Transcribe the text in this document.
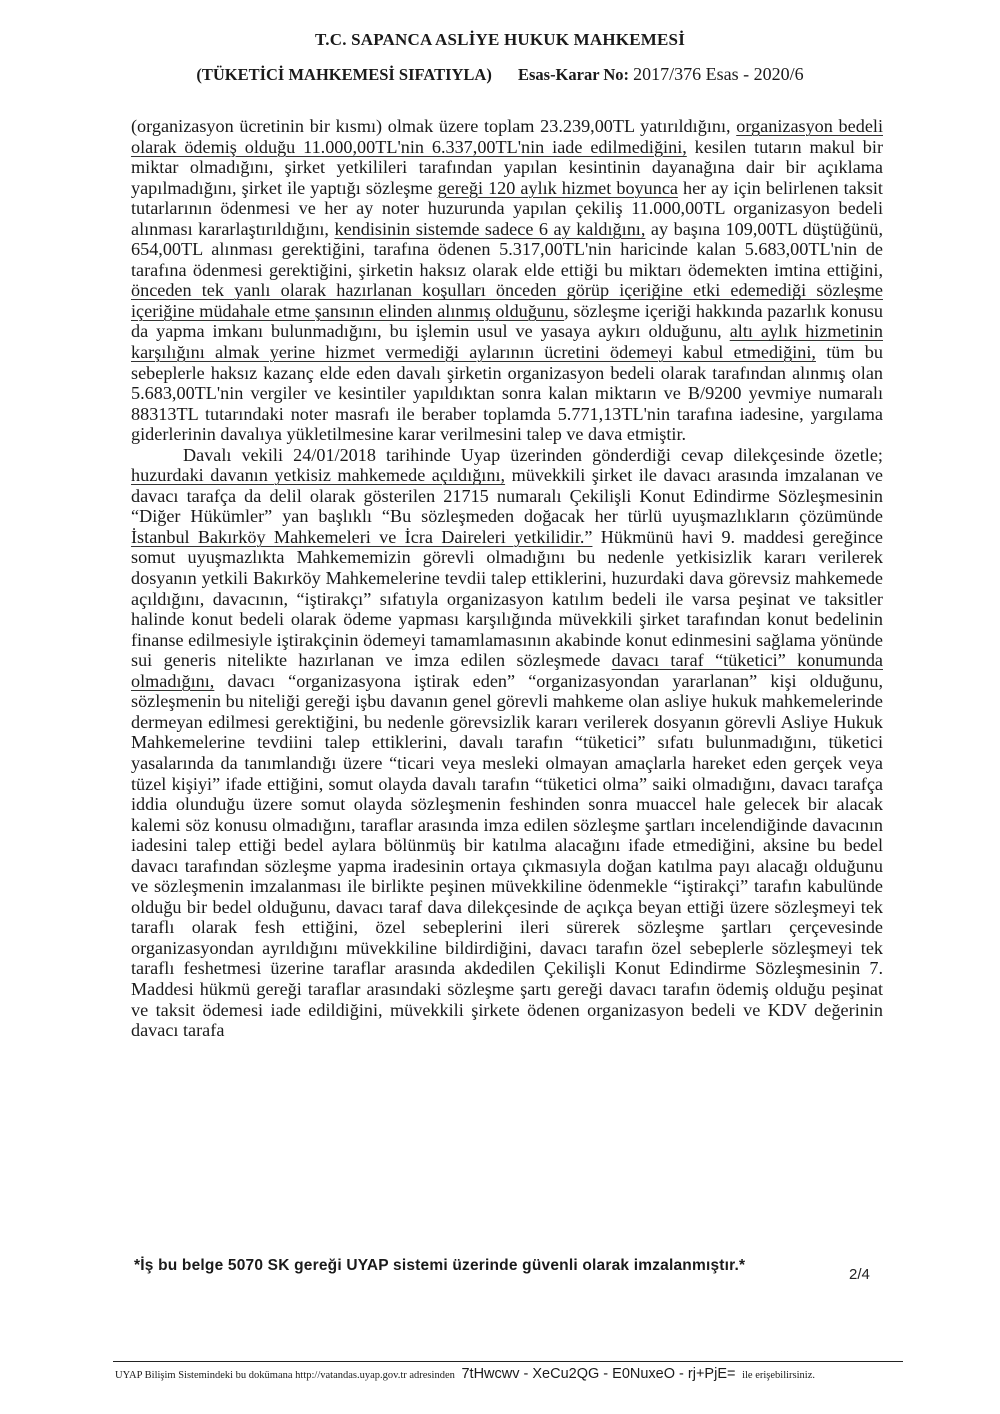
T.C. SAPANCA ASLİYE HUKUK MAHKEMESİ
(TÜKETİCİ MAHKEMESİ SIFATIYLA) Esas-Karar No: 2017/376 Esas - 2020/6

(organizasyon ücretinin bir kısmı) olmak üzere toplam 23.239,00TL yatırıldığını, organizasyon bedeli olarak ödemiş olduğu 11.000,00TL'nin 6.337,00TL'nin iade edilmediğini, kesilen tutarın makul bir miktar olmadığını, şirket yetkilileri tarafından yapılan kesintinin dayanağına dair bir açıklama yapılmadığını, şirket ile yaptığı sözleşme gereği 120 aylık hizmet boyunca her ay için belirlenen taksit tutarlarının ödenmesi ve her ay noter huzurunda yapılan çekiliş 11.000,00TL organizasyon bedeli alınması kararlaştırıldığını, kendisinin sistemde sadece 6 ay kaldığını, ay başına 109,00TL düştüğünü, 654,00TL alınması gerektiğini, tarafına ödenen 5.317,00TL'nin haricinde kalan 5.683,00TL'nin de tarafına ödenmesi gerektiğini, şirketin haksız olarak elde ettiği bu miktarı ödemekten imtina ettiğini, önceden tek yanlı olarak hazırlanan koşulları önceden görüp içeriğine etki edemediği sözleşme içeriğine müdahale etme şansının elinden alınmış olduğunu, sözleşme içeriği hakkında pazarlık konusu da yapma imkanı bulunmadığını, bu işlemin usul ve yasaya aykırı olduğunu, altı aylık hizmetinin karşılığını almak yerine hizmet vermediği aylarının ücretini ödemeyi kabul etmediğini, tüm bu sebeplerle haksız kazanç elde eden davalı şirketin organizasyon bedeli olarak tarafından alınmış olan 5.683,00TL'nin vergiler ve kesintiler yapıldıktan sonra kalan miktarın ve B/9200 yevmiye numaralı 88313TL tutarındaki noter masrafı ile beraber toplamda 5.771,13TL'nin tarafına iadesine, yargılama giderlerinin davalıya yükletilmesine karar verilmesini talep ve dava etmiştir.

Davalı vekili 24/01/2018 tarihinde Uyap üzerinden gönderdiği cevap dilekçesinde özetle; huzurdaki davanın yetkisiz mahkemede açıldığını, müvekkili şirket ile davacı arasında imzalanan ve davacı tarafça da delil olarak gösterilen 21715 numaralı Çekilişli Konut Edindirme Sözleşmesinin “Diğer Hükümler” yan başlıklı “Bu sözleşmeden doğacak her türlü uyuşmazlıkların çözümünde İstanbul Bakırköy Mahkemeleri ve İcra Daireleri yetkilidir.” Hükmünü havi 9. maddesi gereğince somut uyuşmazlıkta Mahkememizin görevli olmadığını bu nedenle yetkisizlik kararı verilerek dosyanın yetkili Bakırköy Mahkemelerine tevdii talep ettiklerini, huzurdaki dava görevsiz mahkemede açıldığını, davacının, “iştirakçı” sıfatıyla organizasyon katılım bedeli ile varsa peşinat ve taksitler halinde konut bedeli olarak ödeme yapması karşılığında müvekkili şirket tarafından konut bedelinin finanse edilmesiyle iştirakçinin ödemeyi tamamlamasının akabinde konut edinmesini sağlama yönünde sui generis nitelikte hazırlanan ve imza edilen sözleşmede davacı taraf “tüketici” konumunda olmadığını, davacı “organizasyona iştirak eden” “organizasyondan yararlanan” kişi olduğunu, sözleşmenin bu niteliği gereği işbu davanın genel görevli mahkeme olan asliye hukuk mahkemelerinde dermeyan edilmesi gerektiğini, bu nedenle görevsizlik kararı verilerek dosyanın görevli Asliye Hukuk Mahkemelerine tevdiini talep ettiklerini, davalı tarafın “tüketici” sıfatı bulunmadığını, tüketici yasalarında da tanımlandığı üzere “ticari veya mesleki olmayan amaçlarla hareket eden gerçek veya tüzel kişiyi” ifade ettiğini, somut olayda davalı tarafın “tüketici olma” saiki olmadığını, davacı tarafça iddia olunduğu üzere somut olayda sözleşmenin feshinden sonra muaccel hale gelecek bir alacak kalemi söz konusu olmadığını, taraflar arasında imza edilen sözleşme şartları incelendiğinde davacının iadesini talep ettiği bedel aylara bölünmüş bir katılma alacağını ifade etmediğini, aksine bu bedel davacı tarafından sözleşme yapma iradesinin ortaya çıkmasıyla doğan katılma payı alacağı olduğunu ve sözleşmenin imzalanması ile birlikte peşinen müvekkiline ödenmekle “iştirakçi” tarafın kabulünde olduğu bir bedel olduğunu, davacı taraf dava dilekçesinde de açıkça beyan ettiği üzere sözleşmeyi tek taraflı olarak fesh ettiğini, özel sebeplerini ileri sürerek sözleşme şartları çerçevesinde organizasyondan ayrıldığını müvekkiline bildirdiğini, davacı tarafın özel sebeplerle sözleşmeyi tek taraflı feshetmesi üzerine taraflar arasında akdedilen Çekilişli Konut Edindirme Sözleşmesinin 7. Maddesi hükmü gereği taraflar arasındaki sözleşme şartı gereği davacı tarafın ödemiş olduğu peşinat ve taksit ödemesi iade edildiğini, müvekkili şirkete ödenen organizasyon bedeli ve KDV değerinin davacı tarafa

*İş bu belge 5070 SK gereği UYAP sistemi üzerinde güvenli olarak imzalanmıştır.*
2/4
UYAP Bilişim Sistemindeki bu dokümana http://vatandas.uyap.gov.tr adresinden 7tHwcwv - XeCu2QG - E0NuxeO - rj+PjE= ile erişebilirsiniz.
